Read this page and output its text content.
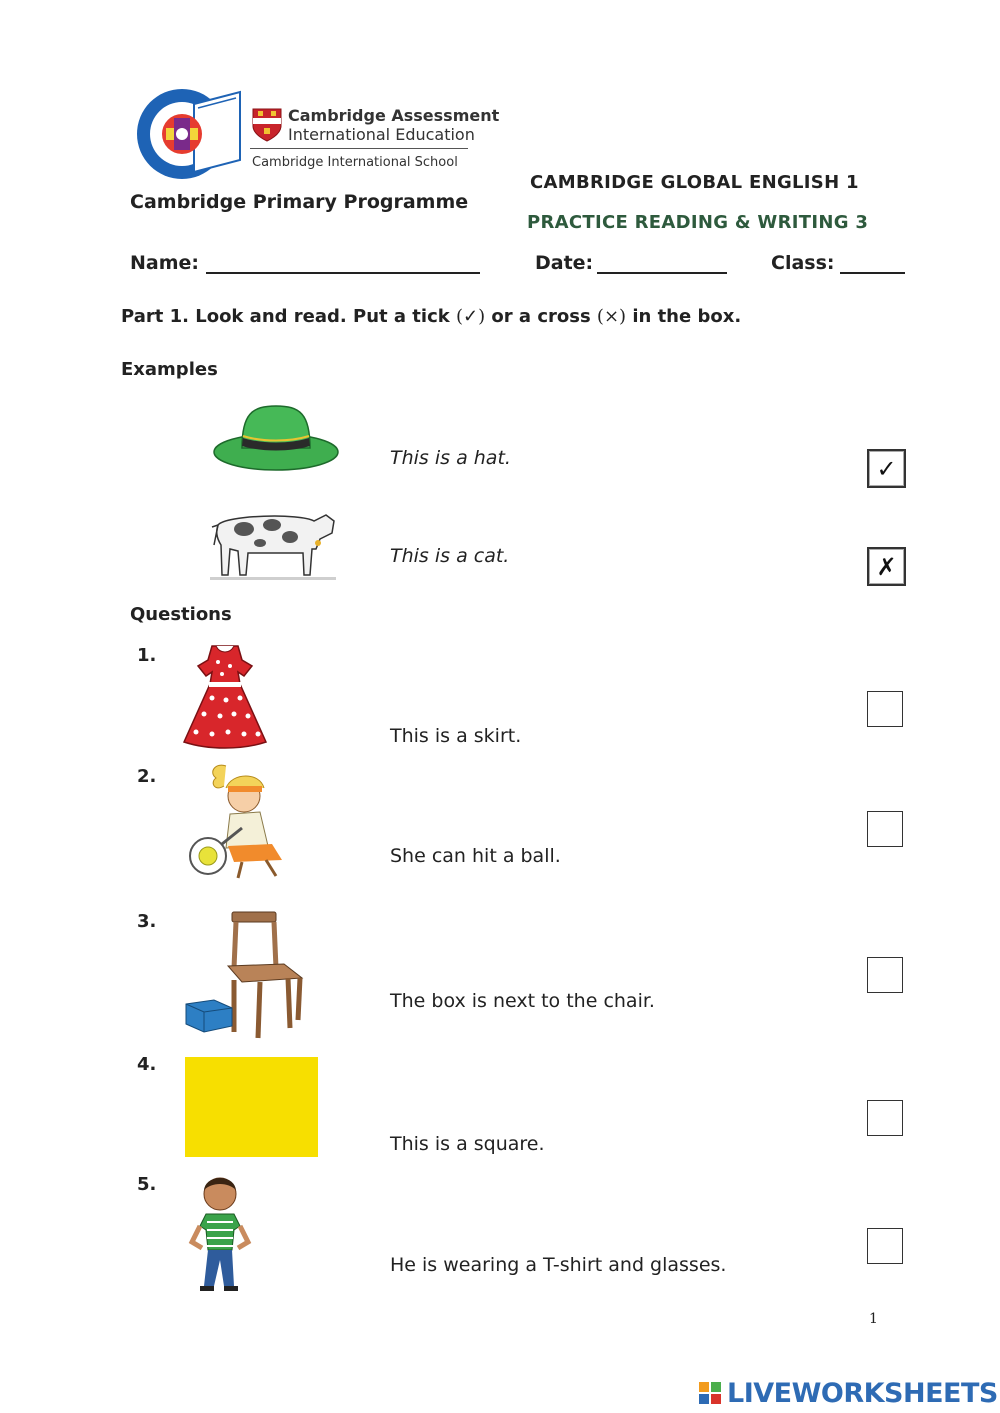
Cambridge Assessment
International Education
Cambridge International School
Cambridge Primary Programme
CAMBRIDGE GLOBAL ENGLISH 1
PRACTICE READING & WRITING 3
Name:	Date:	Class:
Part 1. Look and read. Put a tick (✓) or a cross (×) in the box.
Examples
This is a hat.	✓
This is a cat.	✗
Questions
1.
This is a skirt.
2.
She can hit a ball.
3.
The box is next to the chair.
4.
This is a square.
5.
He is wearing a T-shirt and glasses.
1
LIVEWORKSHEETS
